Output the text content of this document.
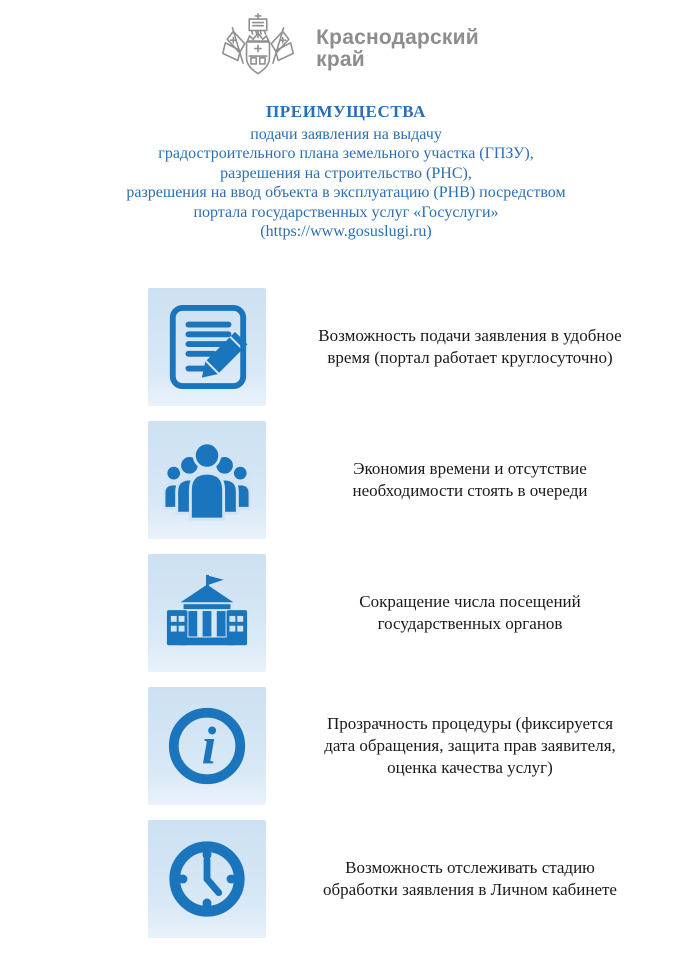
Краснодарский
край
ПРЕИМУЩЕСТВА
подачи заявления на выдачу
градостроительного плана земельного участка (ГПЗУ),
разрешения на строительство (РНС),
разрешения на ввод объекта в эксплуатацию (РНВ) посредством
портала государственных услуг «Госуслуги»
(https://www.gosuslugi.ru)
Возможность подачи заявления в удобное время (портал работает круглосуточно)
Экономия времени и отсутствие необходимости стоять в очереди
Сокращение числа посещений государственных органов
i	Прозрачность процедуры (фиксируется дата обращения, защита прав заявителя, оценка качества услуг)
Возможность отслеживать стадию обработки заявления в Личном кабинете
